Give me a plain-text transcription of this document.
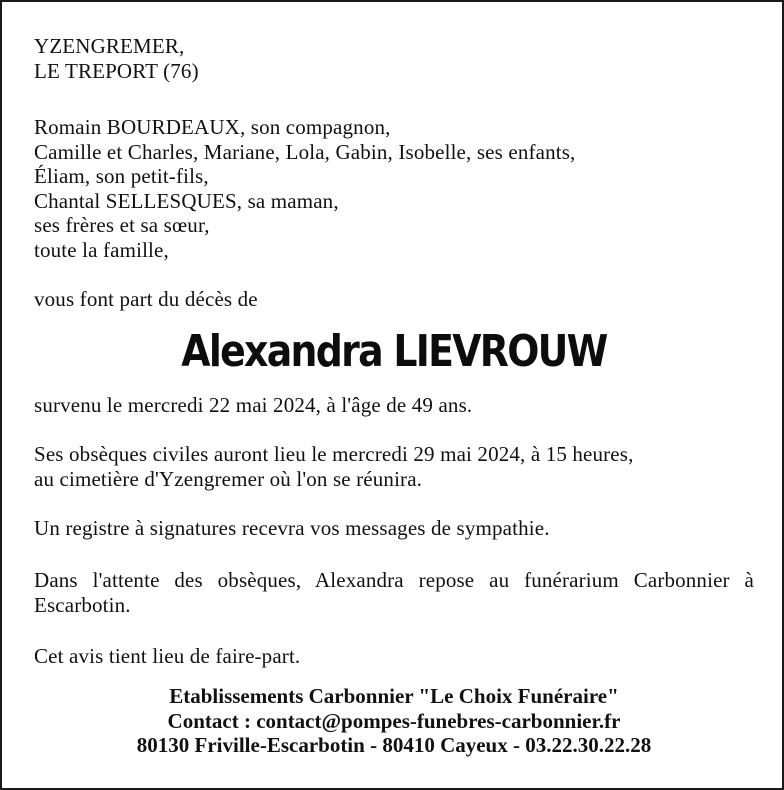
YZENGREMER,
LE TREPORT (76)

Romain BOURDEAUX, son compagnon,
Camille et Charles, Mariane, Lola, Gabin, Isobelle, ses enfants,
Éliam, son petit-fils,
Chantal SELLESQUES, sa maman,
ses frères et sa sœur,
toute la famille,

vous font part du décès de

Alexandra LIEVROUW

survenu le mercredi 22 mai 2024, à l'âge de 49 ans.

Ses obsèques civiles auront lieu le mercredi 29 mai 2024, à 15 heures,
au cimetière d'Yzengremer où l'on se réunira.

Un registre à signatures recevra vos messages de sympathie.

Dans l'attente des obsèques, Alexandra repose au funérarium Carbonnier à Escarbotin.

Cet avis tient lieu de faire-part.

Etablissements Carbonnier "Le Choix Funéraire"
Contact : contact@pompes-funebres-carbonnier.fr
80130 Friville-Escarbotin - 80410 Cayeux - 03.22.30.22.28
